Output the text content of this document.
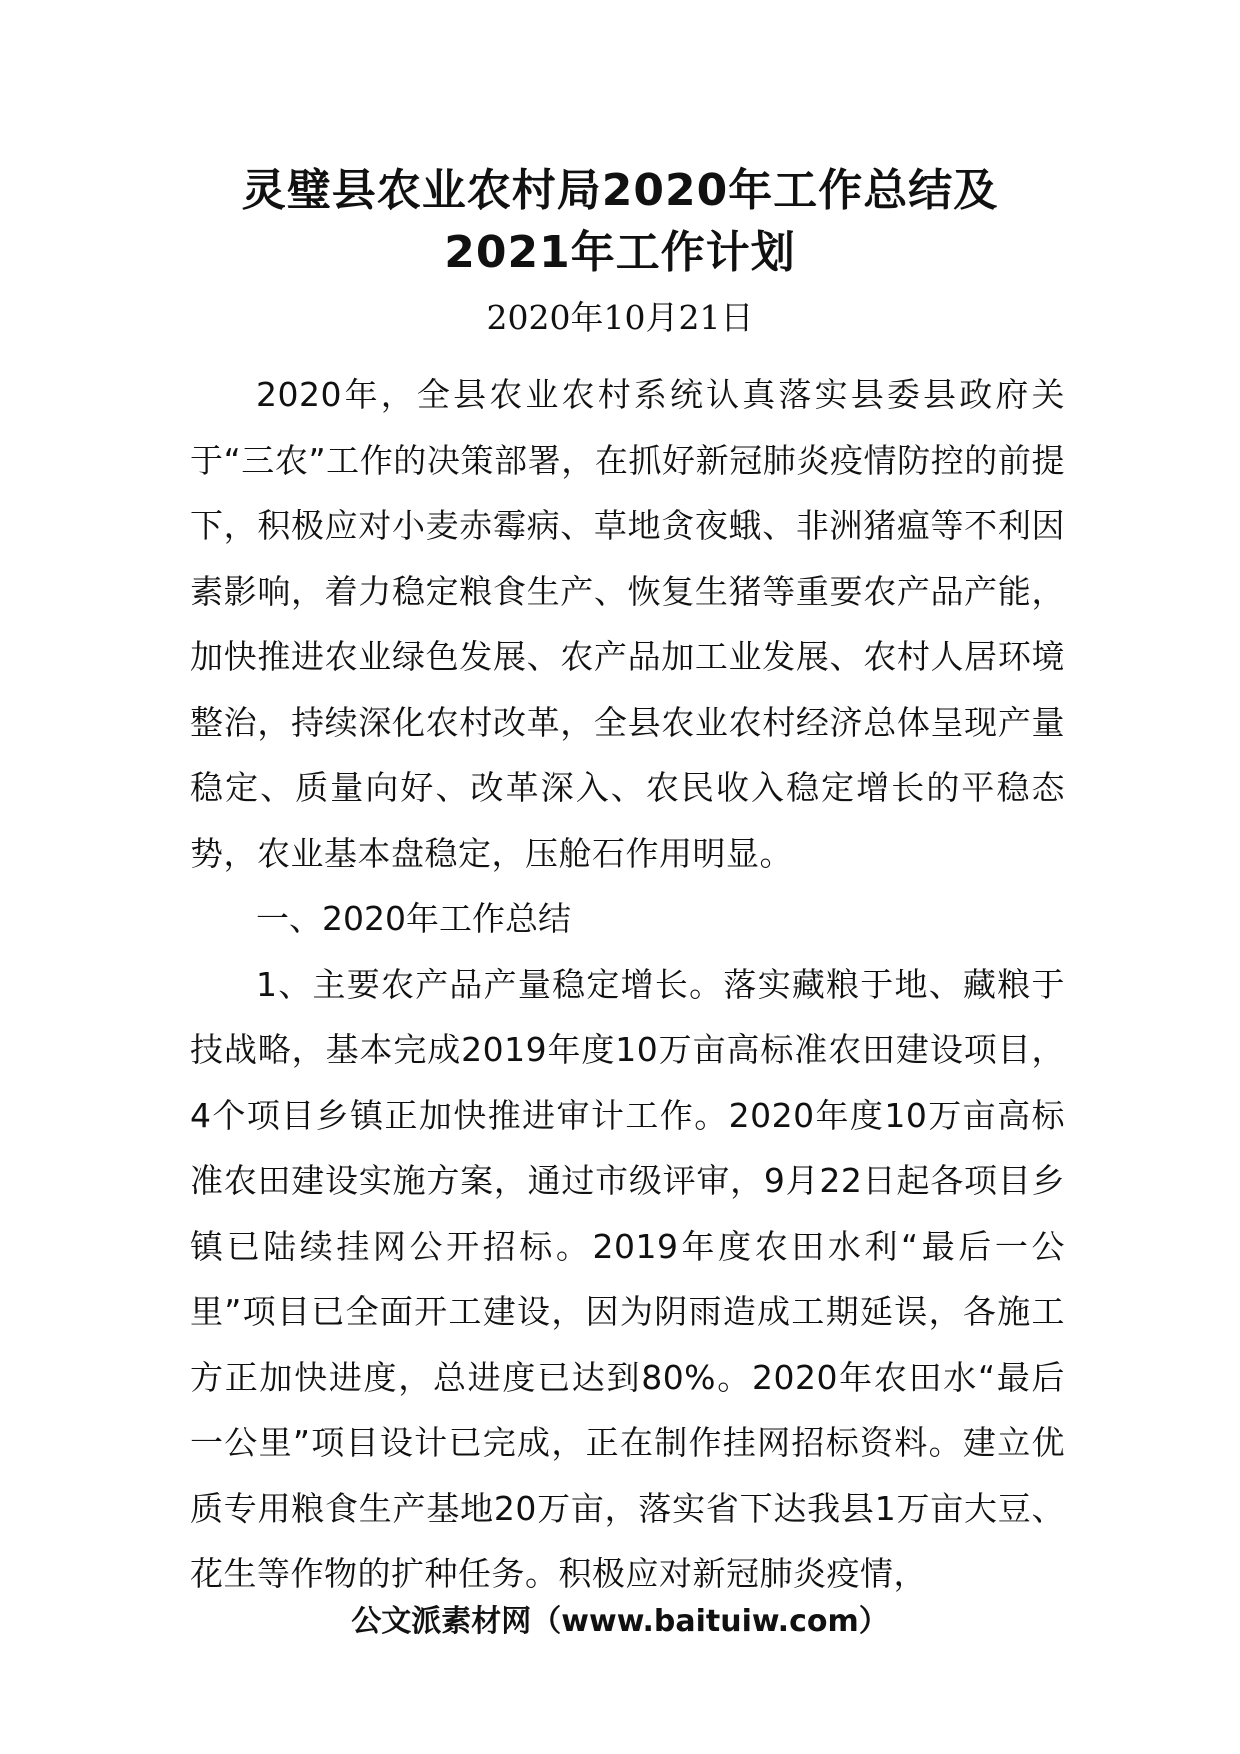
灵璧县农业农村局2020年工作总结及2021年工作计划
2020年10月21日

2020年，全县农业农村系统认真落实县委县政府关于“三农”工作的决策部署，在抓好新冠肺炎疫情防控的前提下，积极应对小麦赤霉病、草地贪夜蛾、非洲猪瘟等不利因素影响，着力稳定粮食生产、恢复生猪等重要农产品产能，加快推进农业绿色发展、农产品加工业发展、农村人居环境整治，持续深化农村改革，全县农业农村经济总体呈现产量稳定、质量向好、改革深入、农民收入稳定增长的平稳态势，农业基本盘稳定，压舱石作用明显。

一、2020年工作总结

1、主要农产品产量稳定增长。落实藏粮于地、藏粮于技战略，基本完成2019年度10万亩高标准农田建设项目，4个项目乡镇正加快推进审计工作。2020年度10万亩高标准农田建设实施方案，通过市级评审，9月22日起各项目乡镇已陆续挂网公开招标。2019年度农田水利“最后一公里”项目已全面开工建设，因为阴雨造成工期延误，各施工方正加快进度，总进度已达到80%。2020年农田水“最后一公里”项目设计已完成，正在制作挂网招标资料。建立优质专用粮食生产基地20万亩，落实省下达我县1万亩大豆、花生等作物的扩种任务。积极应对新冠肺炎疫情，

公文派素材网（www.baituiw.com）
